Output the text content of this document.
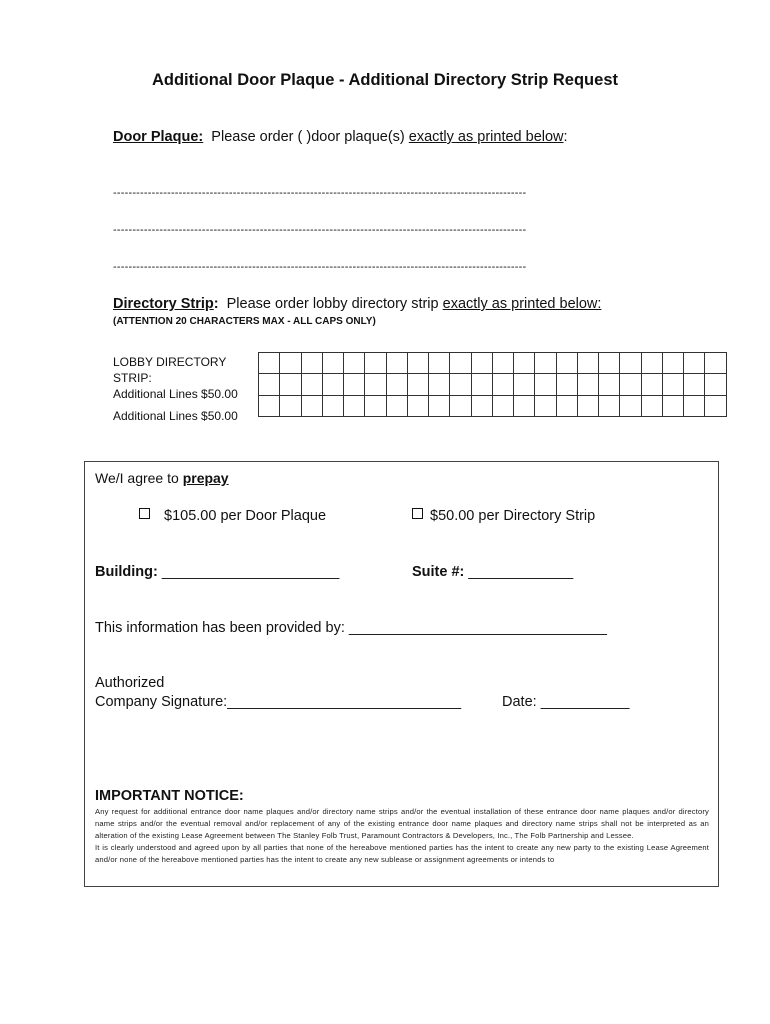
Additional Door Plaque - Additional Directory Strip Request
Door Plaque: Please order ( )door plaque(s) exactly as printed below:
-----------------------------------------------------------------------------------------------------------
-----------------------------------------------------------------------------------------------------------
-----------------------------------------------------------------------------------------------------------
Directory Strip: Please order lobby directory strip exactly as printed below:
(ATTENTION 20 CHARACTERS MAX - ALL CAPS ONLY)
LOBBY DIRECTORY STRIP:
Additional Lines $50.00
Additional Lines $50.00

We/I agree to prepay
$105.00 per Door Plaque	$50.00 per Directory Strip
Building: ______________________	Suite #: _____________
This information has been provided by: ________________________________
Authorized
Company Signature:_____________________________	Date: ___________
IMPORTANT NOTICE:

Any request for additional entrance door name plaques and/or directory name strips and/or the eventual installation of these entrance door name plaques and/or directory name strips and/or the eventual removal and/or replacement of any of the existing entrance door name plaques and directory name strips shall not be interpreted as an alteration of the existing Lease Agreement between The Stanley Folb Trust, Paramount Contractors & Developers, Inc., The Folb Partnership and Lessee.

It is clearly understood and agreed upon by all parties that none of the hereabove mentioned parties has the intent to create any new party to the existing Lease Agreement and/or none of the hereabove mentioned parties has the intent to create any new sublease or assignment agreements or intends to
